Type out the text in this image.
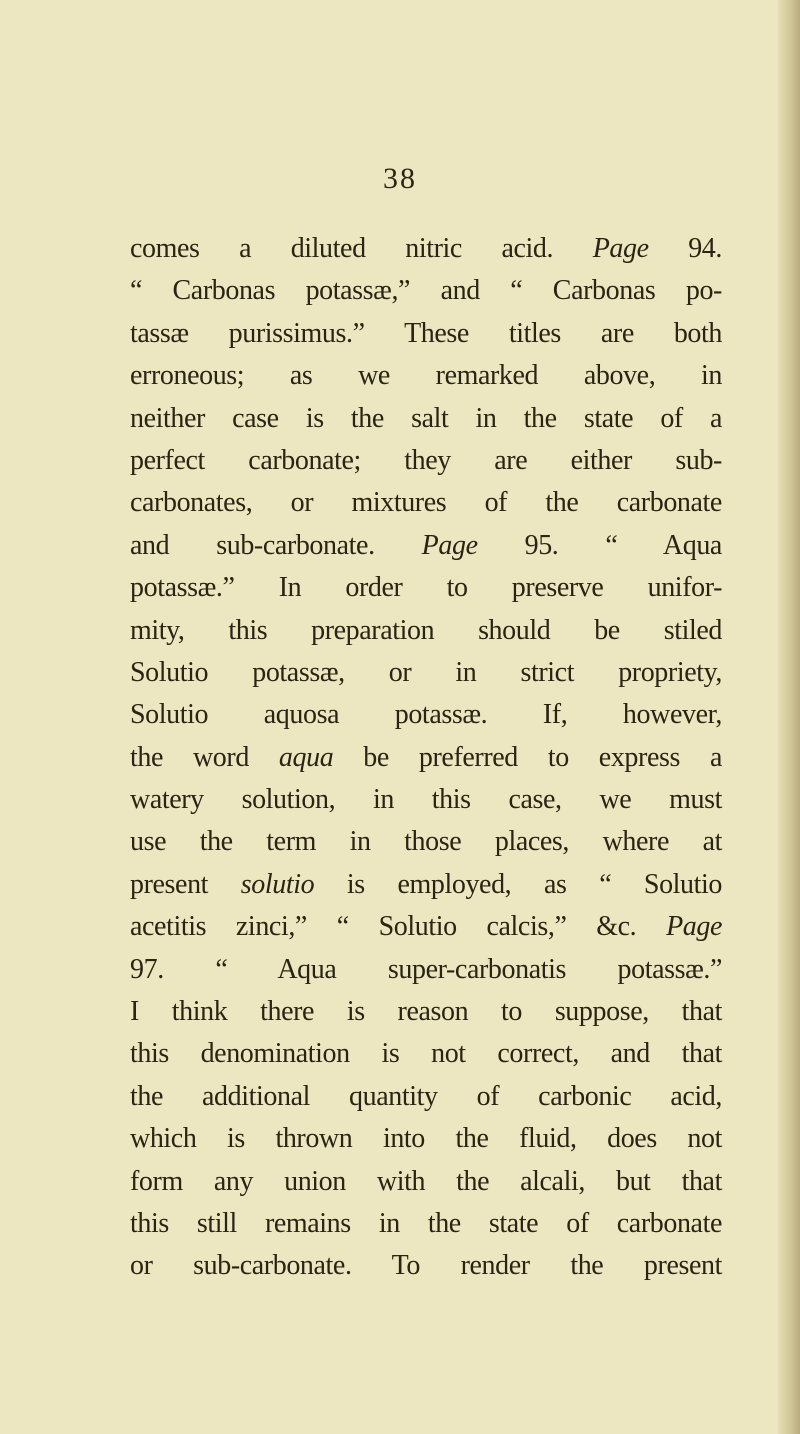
38
comes a diluted nitric acid. Page 94.
“ Carbonas potassæ,” and “ Carbonas po-
tassæ purissimus.” These titles are both
erroneous; as we remarked above, in
neither case is the salt in the state of a
perfect carbonate; they are either sub-
carbonates, or mixtures of the carbonate
and sub-carbonate. Page 95. “ Aqua
potassæ.” In order to preserve unifor-
mity, this preparation should be stiled
Solutio potassæ, or in strict propriety,
Solutio aquosa potassæ. If, however,
the word aqua be preferred to express a
watery solution, in this case, we must
use the term in those places, where at
present solutio is employed, as “ Solutio
acetitis zinci,” “ Solutio calcis,” &c. Page
97. “ Aqua super-carbonatis potassæ.”
I think there is reason to suppose, that
this denomination is not correct, and that
the additional quantity of carbonic acid,
which is thrown into the fluid, does not
form any union with the alcali, but that
this still remains in the state of carbonate
or sub-carbonate. To render the present
